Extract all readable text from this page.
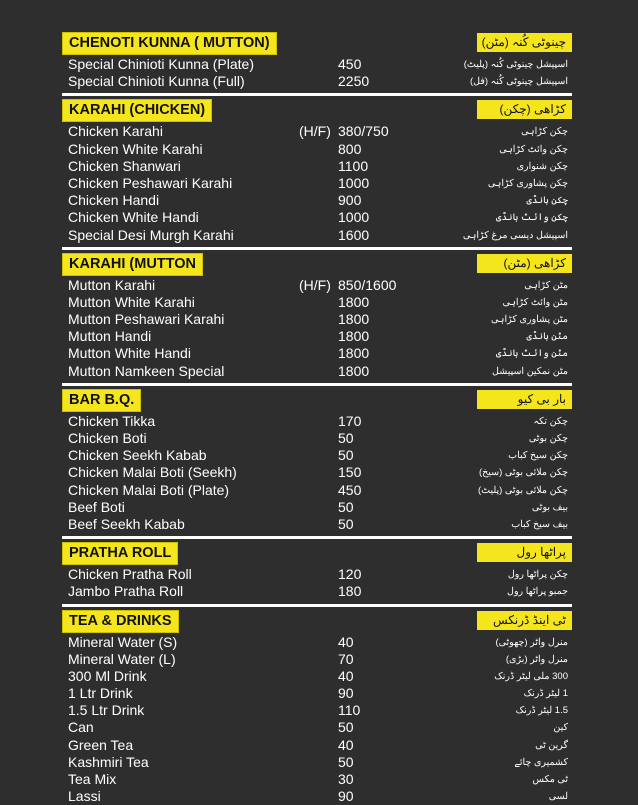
CHENOTI KUNNA ( MUTTON)	چینوٹی کُنہ (مٹن)
Special Chinioti Kunna (Plate)	450	اسپیشل چینوٹی کُنہ (پلیٹ)
Special Chinioti Kunna (Full)	2250	اسپیشل چینوٹی کُنہ (فل)
KARAHI (CHICKEN)	کڑاھی (چکن)
Chicken Karahi	(H/F) 380/750	چکن کڑاہی
Chicken White Karahi	800	چکن وائٹ کڑاہی
Chicken Shanwari	1100	چکن شنواری
Chicken Peshawari Karahi	1000	چکن پشاوری کڑاہی
Chicken Handi	900	چکن ہانڈی
Chicken White Handi	1000	چکن وائٹ ہانڈی
Special Desi Murgh Karahi	1600	اسپیشل دیسی مرغ کڑاہی
KARAHI (MUTTON	کڑاھی (مٹن)
Mutton Karahi	(H/F) 850/1600	مٹن کڑاہی
Mutton White Karahi	1800	مٹن وائٹ کڑاہی
Mutton Peshawari Karahi	1800	مٹن پشاوری کڑاہی
Mutton Handi	1800	مٹن ہانڈی
Mutton White Handi	1800	مٹن وائٹ ہانڈی
Mutton Namkeen Special	1800	مٹن نمکین اسپیشل
BAR B.Q.	بار بی کیو
Chicken Tikka	170	چکن تکہ
Chicken Boti	50	چکن بوٹی
Chicken Seekh Kabab	50	چکن سیخ کباب
Chicken Malai Boti (Seekh)	150	چکن ملائی بوٹی (سیخ)
Chicken Malai Boti (Plate)	450	چکن ملائی بوٹی (پلیٹ)
Beef Boti	50	بیف بوٹی
Beef Seekh Kabab	50	بیف سیخ کباب
PRATHA ROLL	پراٹھا رول
Chicken Pratha Roll	120	چکن پراٹھا رول
Jambo Pratha Roll	180	جمبو پراٹھا رول
TEA & DRINKS	ٹی اینڈ ڈرنکس
Mineral Water (S)	40	منرل واٹر (چھوٹی)
Mineral Water (L)	70	منرل واٹر (بڑی)
300 Ml Drink	40	300 ملی لیٹر ڈرنک
1 Ltr Drink	90	1 لیٹر ڈرنک
1.5 Ltr Drink	110	1.5 لیٹر ڈرنک
Can	50	کین
Green Tea	40	گرین ٹی
Kashmiri Tea	50	کشمیری چائے
Tea Mix	30	ٹی مکس
Lassi	90	لسی
